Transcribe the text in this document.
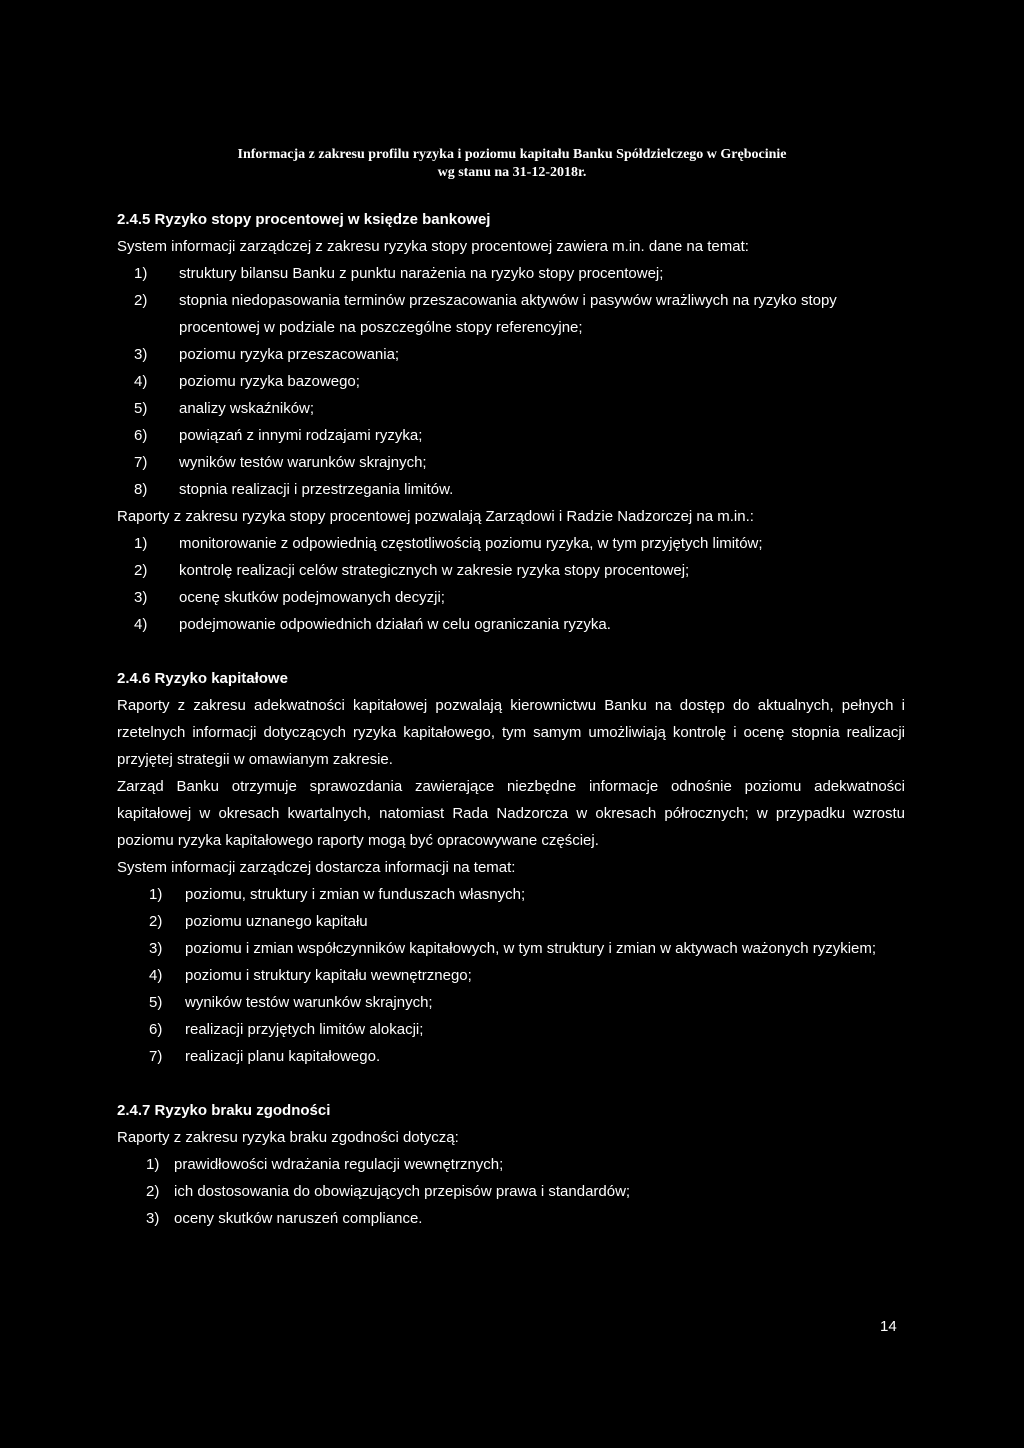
Informacja z zakresu profilu ryzyka i poziomu kapitału Banku Spółdzielczego w Grębocinie
wg stanu na 31-12-2018r.
2.4.5 Ryzyko stopy procentowej w księdze bankowej
System informacji zarządczej z zakresu ryzyka stopy procentowej zawiera m.in. dane na temat:
1)	struktury bilansu Banku z punktu narażenia na ryzyko stopy procentowej;
2)	stopnia niedopasowania terminów przeszacowania aktywów i pasywów wrażliwych na ryzyko stopy procentowej w podziale na poszczególne stopy referencyjne;
3)	poziomu ryzyka przeszacowania;
4)	poziomu ryzyka bazowego;
5)	analizy wskaźników;
6)	powiązań z innymi rodzajami ryzyka;
7)	wyników testów warunków skrajnych;
8)	stopnia realizacji i przestrzegania limitów.
Raporty z zakresu ryzyka stopy procentowej pozwalają Zarządowi i Radzie Nadzorczej na m.in.:
1)	monitorowanie z odpowiednią częstotliwością poziomu ryzyka, w tym przyjętych limitów;
2)	kontrolę realizacji celów strategicznych w zakresie ryzyka stopy procentowej;
3)	ocenę skutków podejmowanych decyzji;
4)	podejmowanie odpowiednich działań w celu ograniczania ryzyka.
2.4.6 Ryzyko kapitałowe
Raporty z zakresu adekwatności kapitałowej pozwalają kierownictwu Banku na dostęp do aktualnych, pełnych i rzetelnych informacji dotyczących ryzyka kapitałowego, tym samym umożliwiają kontrolę i ocenę stopnia realizacji przyjętej strategii w omawianym zakresie.
Zarząd Banku otrzymuje sprawozdania zawierające niezbędne informacje odnośnie poziomu adekwatności kapitałowej w okresach kwartalnych, natomiast Rada Nadzorcza w okresach półrocznych; w przypadku wzrostu poziomu ryzyka kapitałowego raporty mogą być opracowywane częściej.
System informacji zarządczej dostarcza informacji na temat:
1)	poziomu, struktury i zmian w funduszach własnych;
2)	poziomu uznanego kapitału
3)	poziomu i zmian współczynników kapitałowych, w tym struktury i zmian w aktywach ważonych ryzykiem;
4)	poziomu i struktury kapitału wewnętrznego;
5)	wyników testów warunków skrajnych;
6)	realizacji przyjętych limitów alokacji;
7)	realizacji planu kapitałowego.
2.4.7 Ryzyko braku zgodności
Raporty z zakresu ryzyka braku zgodności dotyczą:
1) prawidłowości wdrażania regulacji wewnętrznych;
2) ich dostosowania do obowiązujących przepisów prawa i standardów;
3) oceny skutków naruszeń compliance.
14
